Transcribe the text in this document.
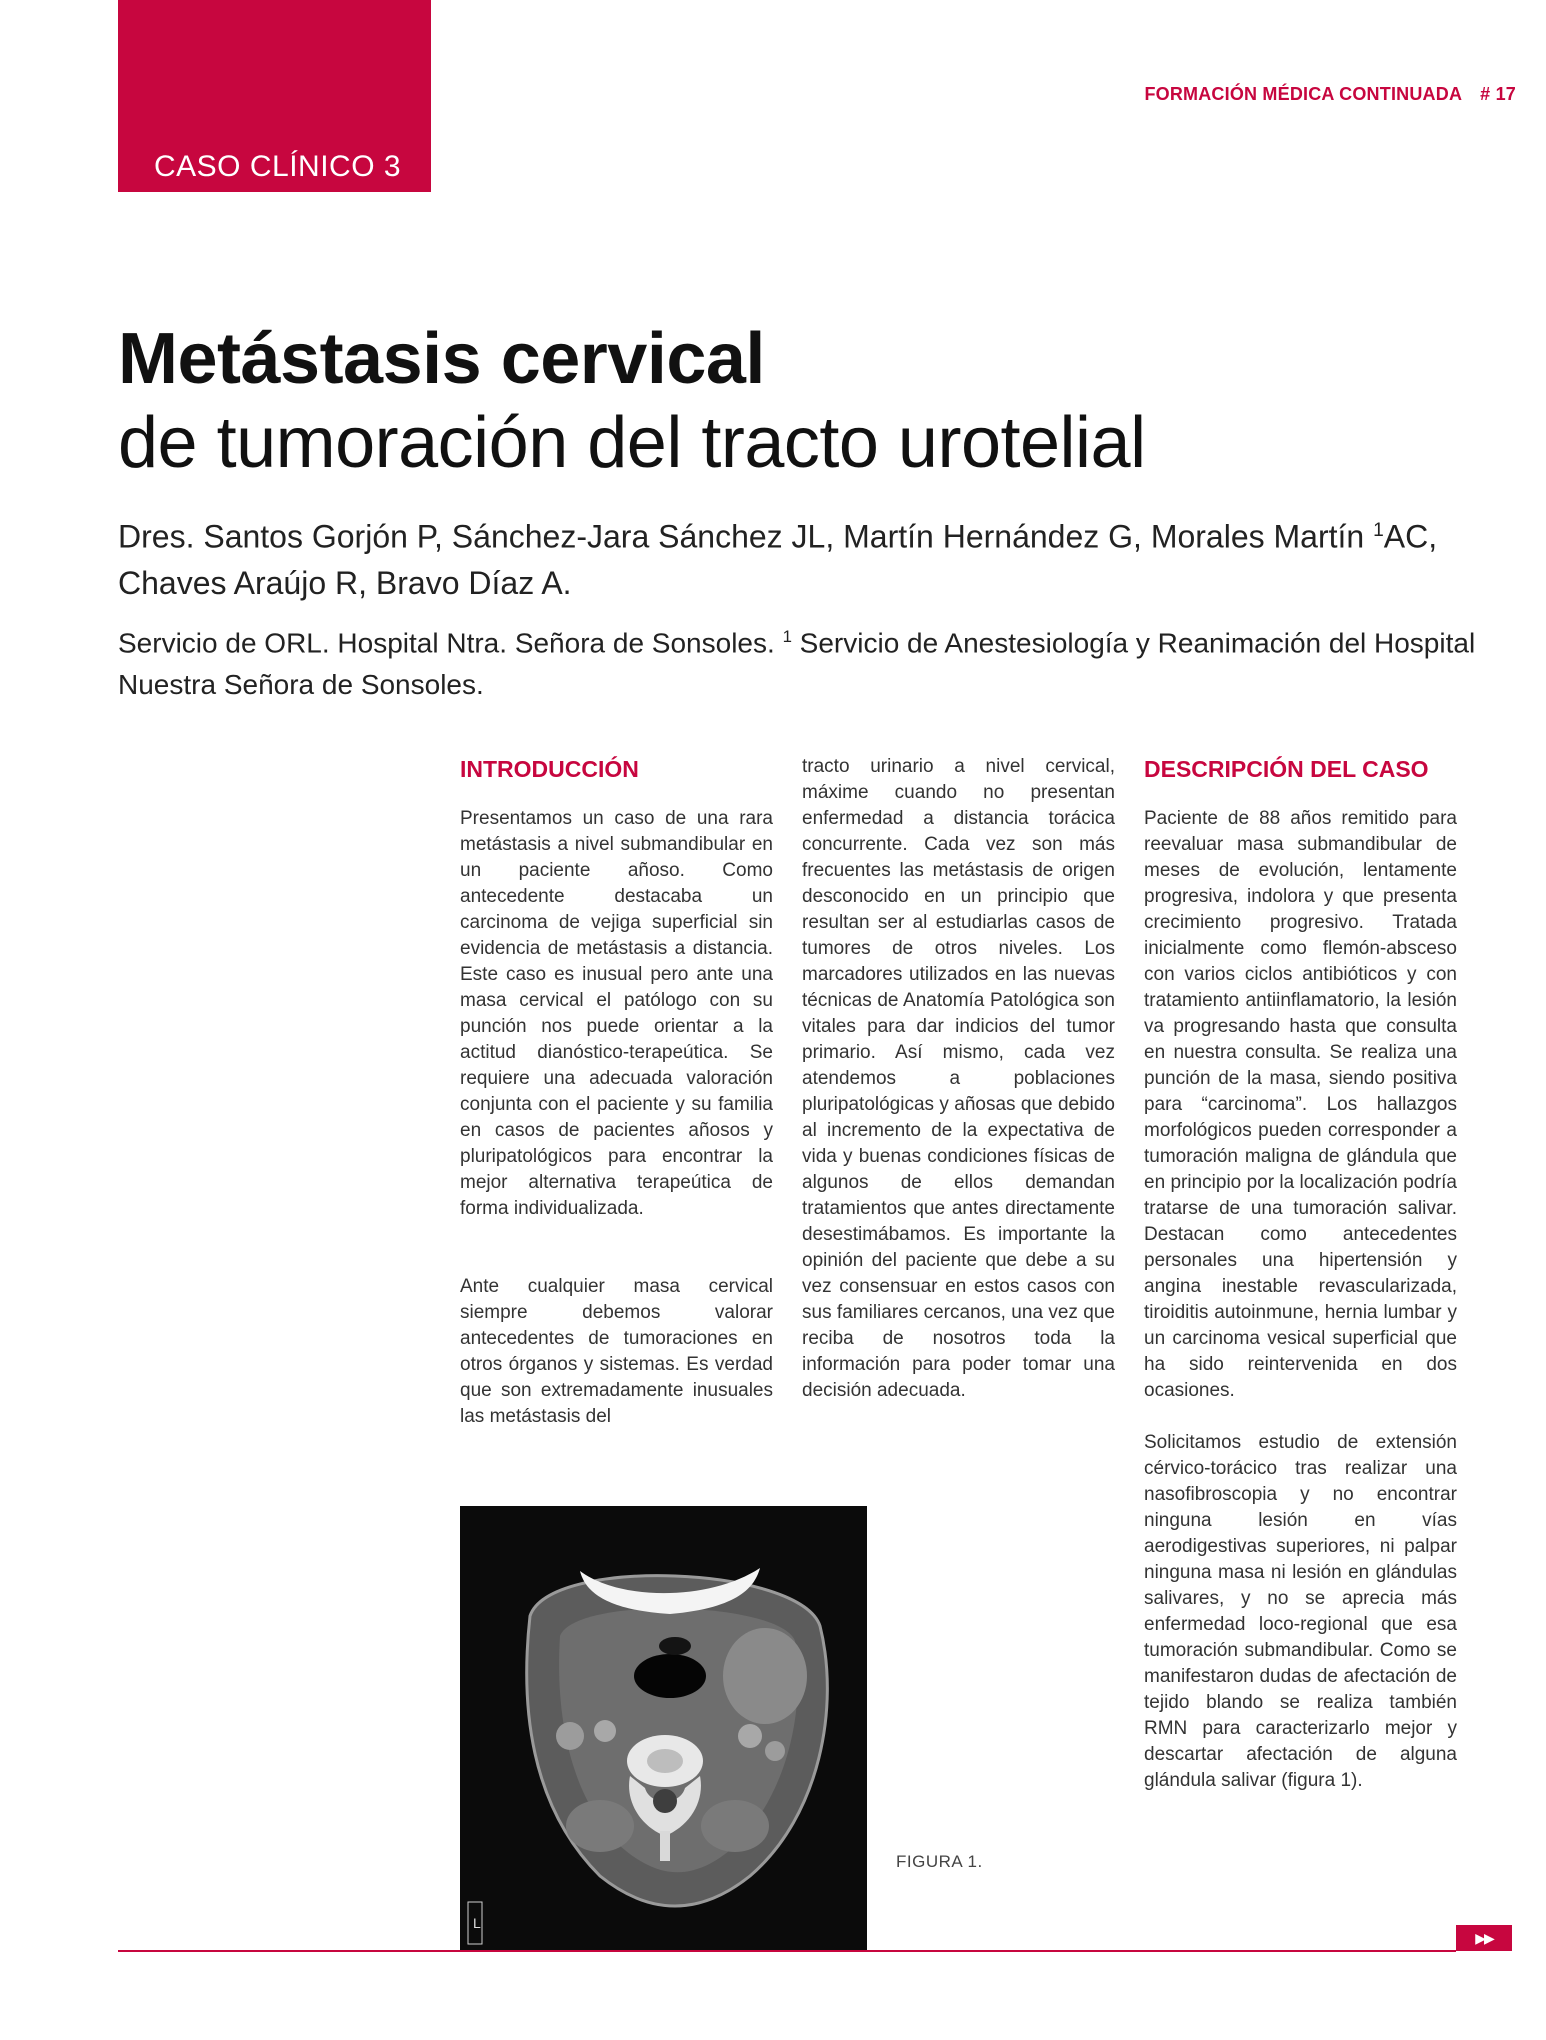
CASO CLÍNICO 3
FORMACIÓN MÉDICA CONTINUADA # 17
Metástasis cervical
de tumoración del tracto urotelial
Dres. Santos Gorjón P, Sánchez-Jara Sánchez JL, Martín Hernández G, Morales Martín $^1$AC, Chaves Araújo R, Bravo Díaz A.
Servicio de ORL. Hospital Ntra. Señora de Sonsoles. $^1$ Servicio de Anestesiología y Reanimación del Hospital Nuestra Señora de Sonsoles.
INTRODUCCIÓN

Presentamos un caso de una rara metástasis a nivel submandibular en un paciente añoso. Como antecedente destacaba un carcinoma de vejiga superficial sin evidencia de metástasis a distancia. Este caso es inusual pero ante una masa cervical el patólogo con su punción nos puede orientar a la actitud dianóstico-terapeútica. Se requiere una adecuada valoración conjunta con el paciente y su familia en casos de pacientes añosos y pluripatológicos para encontrar la mejor alternativa terapeútica de forma individualizada.

Ante cualquier masa cervical siempre debemos valorar antecedentes de tumoraciones en otros órganos y sistemas. Es verdad que son extremadamente inusuales las metástasis del

tracto urinario a nivel cervical, máxime cuando no presentan enfermedad a distancia torácica concurrente. Cada vez son más frecuentes las metástasis de origen desconocido en un principio que resultan ser al estudiarlas casos de tumores de otros niveles. Los marcadores utilizados en las nuevas técnicas de Anatomía Patológica son vitales para dar indicios del tumor primario. Así mismo, cada vez atendemos a poblaciones pluripatológicas y añosas que debido al incremento de la expectativa de vida y buenas condiciones físicas de algunos de ellos demandan tratamientos que antes directamente desestimábamos. Es importante la opinión del paciente que debe a su vez consensuar en estos casos con sus familiares cercanos, una vez que reciba de nosotros toda la información para poder tomar una decisión adecuada.

DESCRIPCIÓN DEL CASO

Paciente de 88 años remitido para reevaluar masa submandibular de meses de evolución, lentamente progresiva, indolora y que presenta crecimiento progresivo. Tratada inicialmente como flemón-absceso con varios ciclos antibióticos y con tratamiento antiinflamatorio, la lesión va progresando hasta que consulta en nuestra consulta. Se realiza una punción de la masa, siendo positiva para “carcinoma”. Los hallazgos morfológicos pueden corresponder a tumoración maligna de glándula que en principio por la localización podría tratarse de una tumoración salivar. Destacan como antecedentes personales una hipertensión y angina inestable revascularizada, tiroiditis autoinmune, hernia lumbar y un carcinoma vesical superficial que ha sido reintervenida en dos ocasiones.

Solicitamos estudio de extensión cérvico-torácico tras realizar una nasofibroscopia y no encontrar ninguna lesión en vías aerodigestivas superiores, ni palpar ninguna masa ni lesión en glándulas salivares, y no se aprecia más enfermedad loco-regional que esa tumoración submandibular. Como se manifestaron dudas de afectación de tejido blando se realiza también RMN para caracterizarlo mejor y descartar afectación de alguna glándula salivar (figura 1).

L
FIGURA 1.
▶▶
